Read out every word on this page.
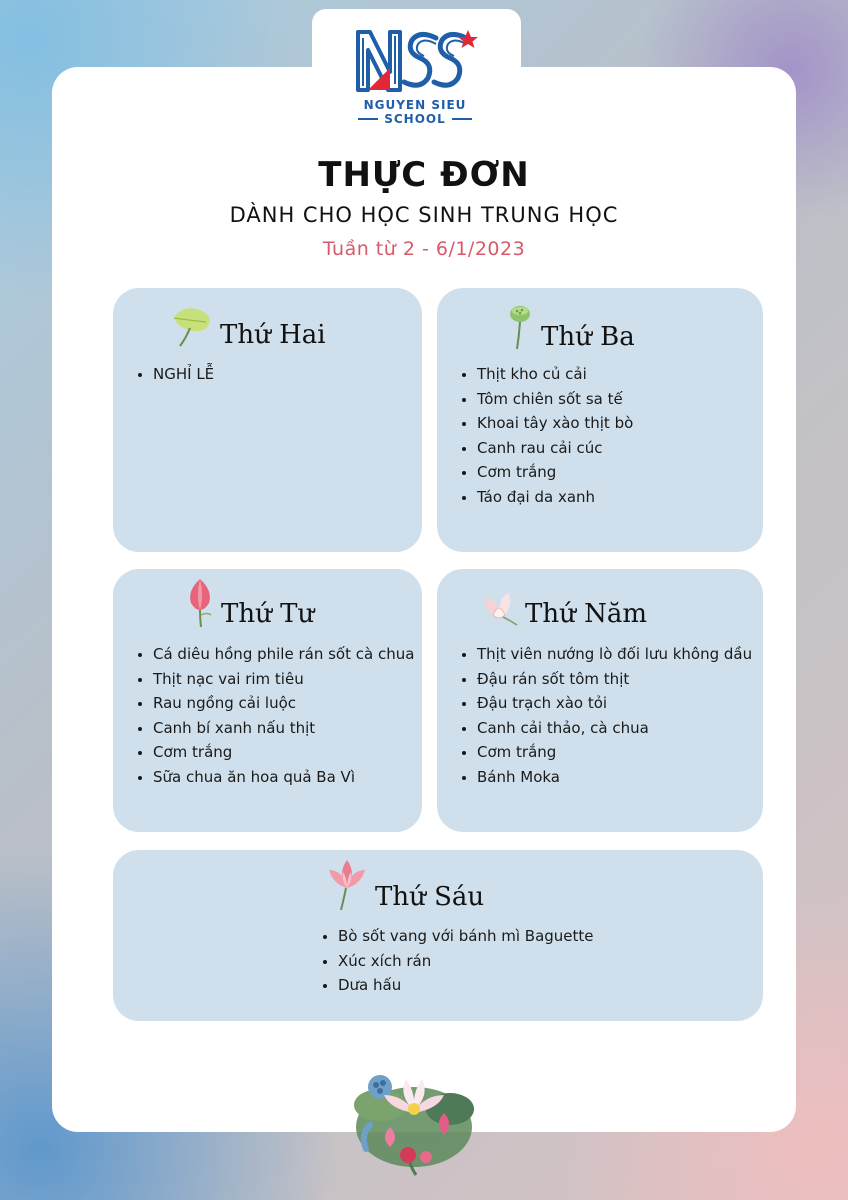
NGUYEN SIEU
SCHOOL
THỰC ĐƠN
DÀNH CHO HỌC SINH TRUNG HỌC
Tuần từ 2 - 6/1/2023
Thứ Hai
• NGHỈ LỄ
Thứ Ba
• Thịt kho củ cải
• Tôm chiên sốt sa tế
• Khoai tây xào thịt bò
• Canh rau cải cúc
• Cơm trắng
• Táo đại da xanh
Thứ Tư
• Cá diêu hồng phile rán sốt cà chua
• Thịt nạc vai rim tiêu
• Rau ngồng cải luộc
• Canh bí xanh nấu thịt
• Cơm trắng
• Sữa chua ăn hoa quả Ba Vì
Thứ Năm
• Thịt viên nướng lò đối lưu không dầu
• Đậu rán sốt tôm thịt
• Đậu trạch xào tỏi
• Canh cải thảo, cà chua
• Cơm trắng
• Bánh Moka
Thứ Sáu
• Bò sốt vang với bánh mì Baguette
• Xúc xích rán
• Dưa hấu
